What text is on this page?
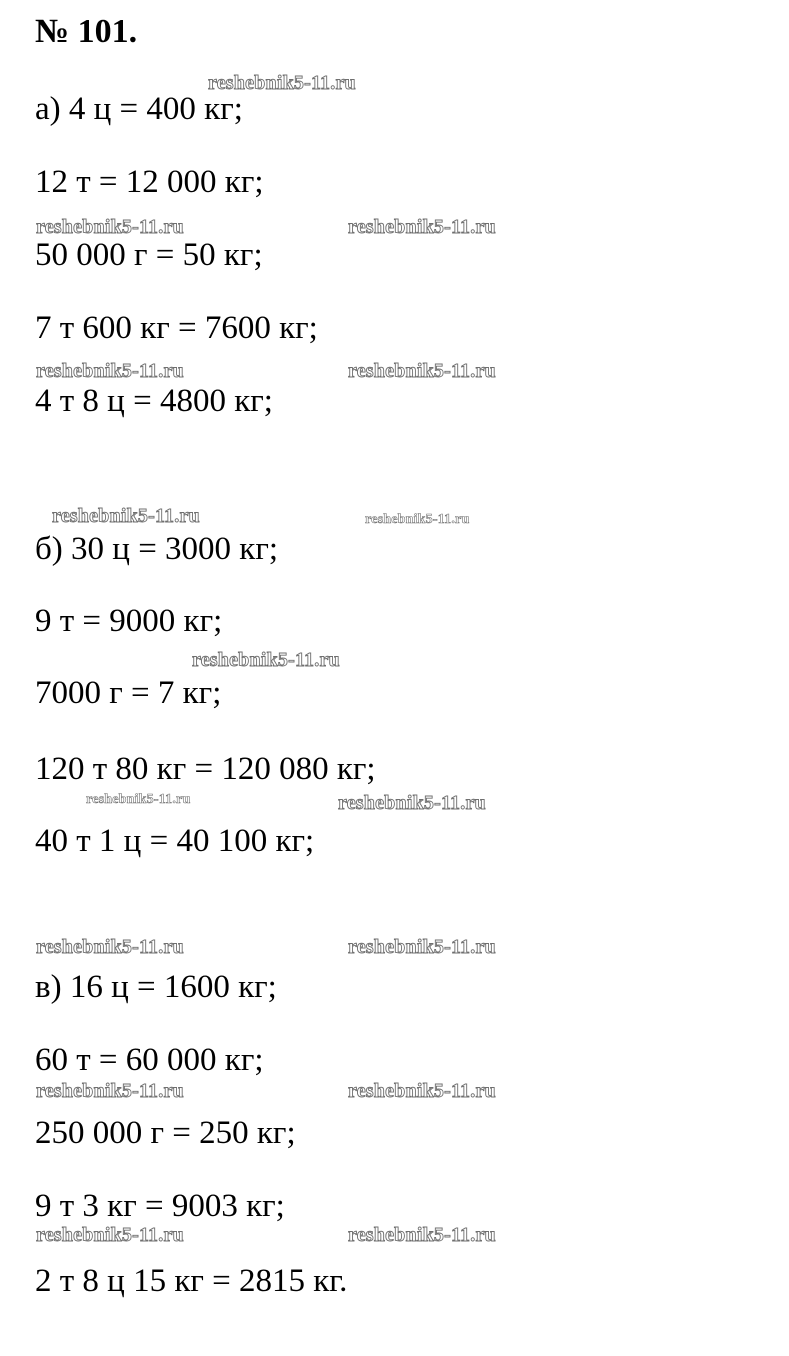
№ 101.
а) 4 ц = 400 кг;
12 т = 12 000 кг;
50 000 г = 50 кг;
7 т 600 кг = 7600 кг;
4 т 8 ц = 4800 кг;
б) 30 ц = 3000 кг;
9 т = 9000 кг;
7000 г = 7 кг;
120 т 80 кг = 120 080 кг;
40 т 1 ц = 40 100 кг;
в) 16 ц = 1600 кг;
60 т = 60 000 кг;
250 000 г = 250 кг;
9 т 3 кг = 9003 кг;
2 т 8 ц 15 кг = 2815 кг.
reshebnik5-11.ru
reshebnik5-11.ru	reshebnik5-11.ru
reshebnik5-11.ru	reshebnik5-11.ru
reshebnik5-11.ru	reshebnik5-11.ru
reshebnik5-11.ru
reshebnik5-11.ru	reshebnik5-11.ru
reshebnik5-11.ru	reshebnik5-11.ru
reshebnik5-11.ru	reshebnik5-11.ru
reshebnik5-11.ru	reshebnik5-11.ru
